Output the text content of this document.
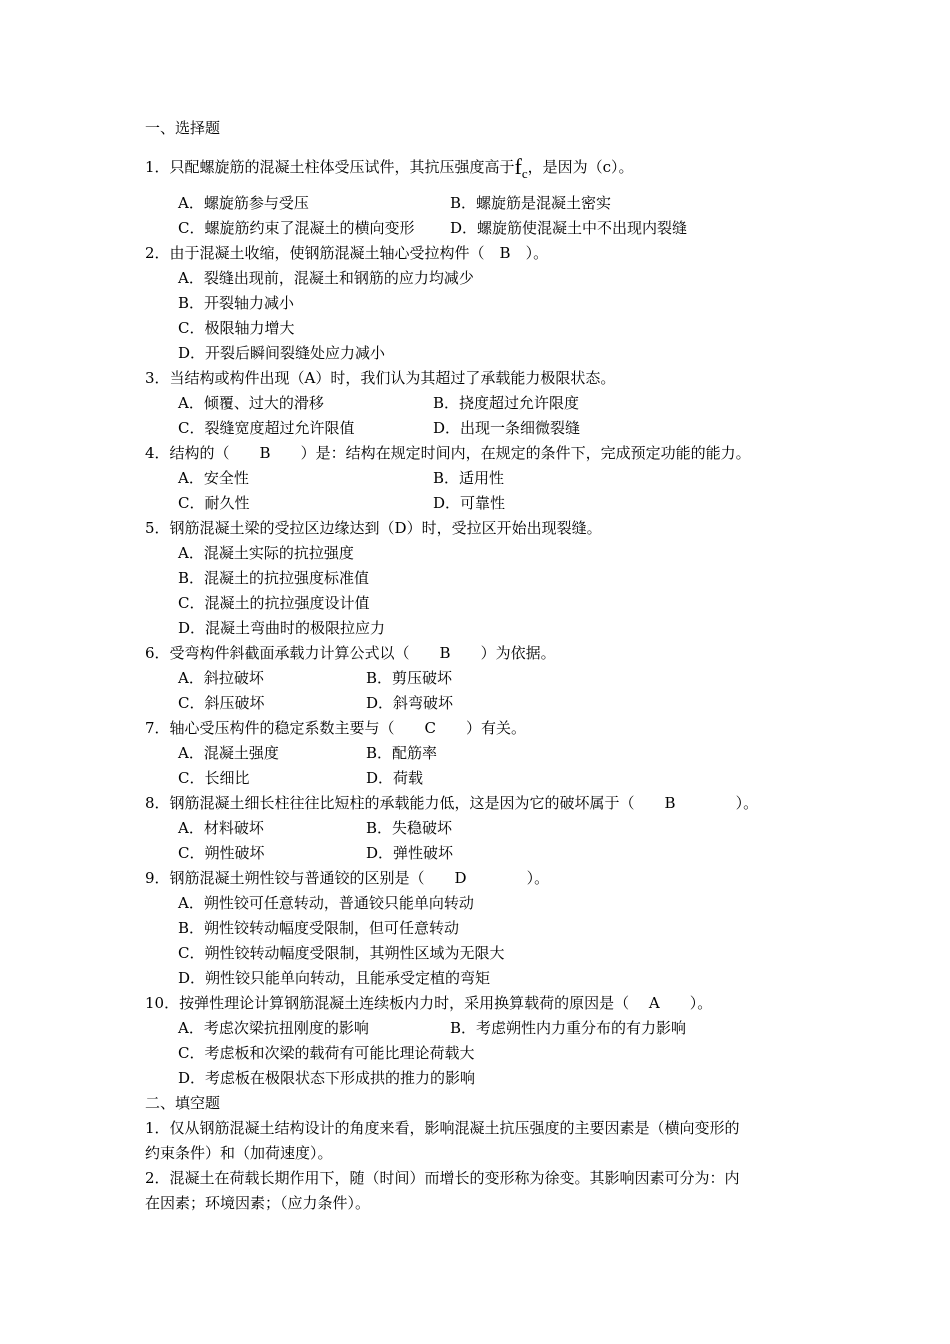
一、选择题
1．只配螺旋筋的混凝土柱体受压试件，其抗压强度高于$f_c$，是因为（c）。
A．螺旋筋参与受压	B．螺旋筋是混凝土密实
C．螺旋筋约束了混凝土的横向变形 D．螺旋筋使混凝土中不出现内裂缝
2．由于混凝土收缩，使钢筋混凝土轴心受拉构件（　B　）。
A．裂缝出现前，混凝土和钢筋的应力均减少
B．开裂轴力减小
C．极限轴力增大
D．开裂后瞬间裂缝处应力减小
3．当结构或构件出现（A）时，我们认为其超过了承载能力极限状态。
A．倾覆、过大的滑移	B．挠度超过允许限度
C．裂缝宽度超过允许限值	D．出现一条细微裂缝
4．结构的（　　B　　）是：结构在规定时间内，在规定的条件下，完成预定功能的能力。
A．安全性	B．适用性
C．耐久性	D．可靠性
5．钢筋混凝土梁的受拉区边缘达到（D）时，受拉区开始出现裂缝。
A．混凝土实际的抗拉强度
B．混凝土的抗拉强度标准值
C．混凝土的抗拉强度设计值
D．混凝土弯曲时的极限拉应力
6．受弯构件斜截面承载力计算公式以（　　B　　）为依据。
A．斜拉破坏	B．剪压破坏
C．斜压破坏	D．斜弯破坏
7．轴心受压构件的稳定系数主要与（　　C　　）有关。
A．混凝土强度	B．配筋率
C．长细比	D．荷载
8．钢筋混凝土细长柱往往比短柱的承载能力低，这是因为它的破坏属于（　　B　　　　）。
A．材料破坏	B．失稳破坏
C．朔性破坏	D．弹性破坏
9．钢筋混凝土朔性铰与普通铰的区别是（　　D　　　　）。
A．朔性铰可任意转动，普通铰只能单向转动
B．朔性铰转动幅度受限制，但可任意转动
C．朔性铰转动幅度受限制，其朔性区域为无限大
D．朔性铰只能单向转动，且能承受定植的弯矩
10．按弹性理论计算钢筋混凝土连续板内力时，采用换算载荷的原因是（　 A　　）。
A．考虑次梁抗扭刚度的影响	B．考虑朔性内力重分布的有力影响
C．考虑板和次梁的载荷有可能比理论荷载大
D．考虑板在极限状态下形成拱的推力的影响
二、填空题
1．仅从钢筋混凝土结构设计的角度来看，影响混凝土抗压强度的主要因素是（横向变形的
约束条件）和（加荷速度）。
2．混凝土在荷载长期作用下，随（时间）而增长的变形称为徐变。其影响因素可分为：内
在因素；环境因素；（应力条件）。
